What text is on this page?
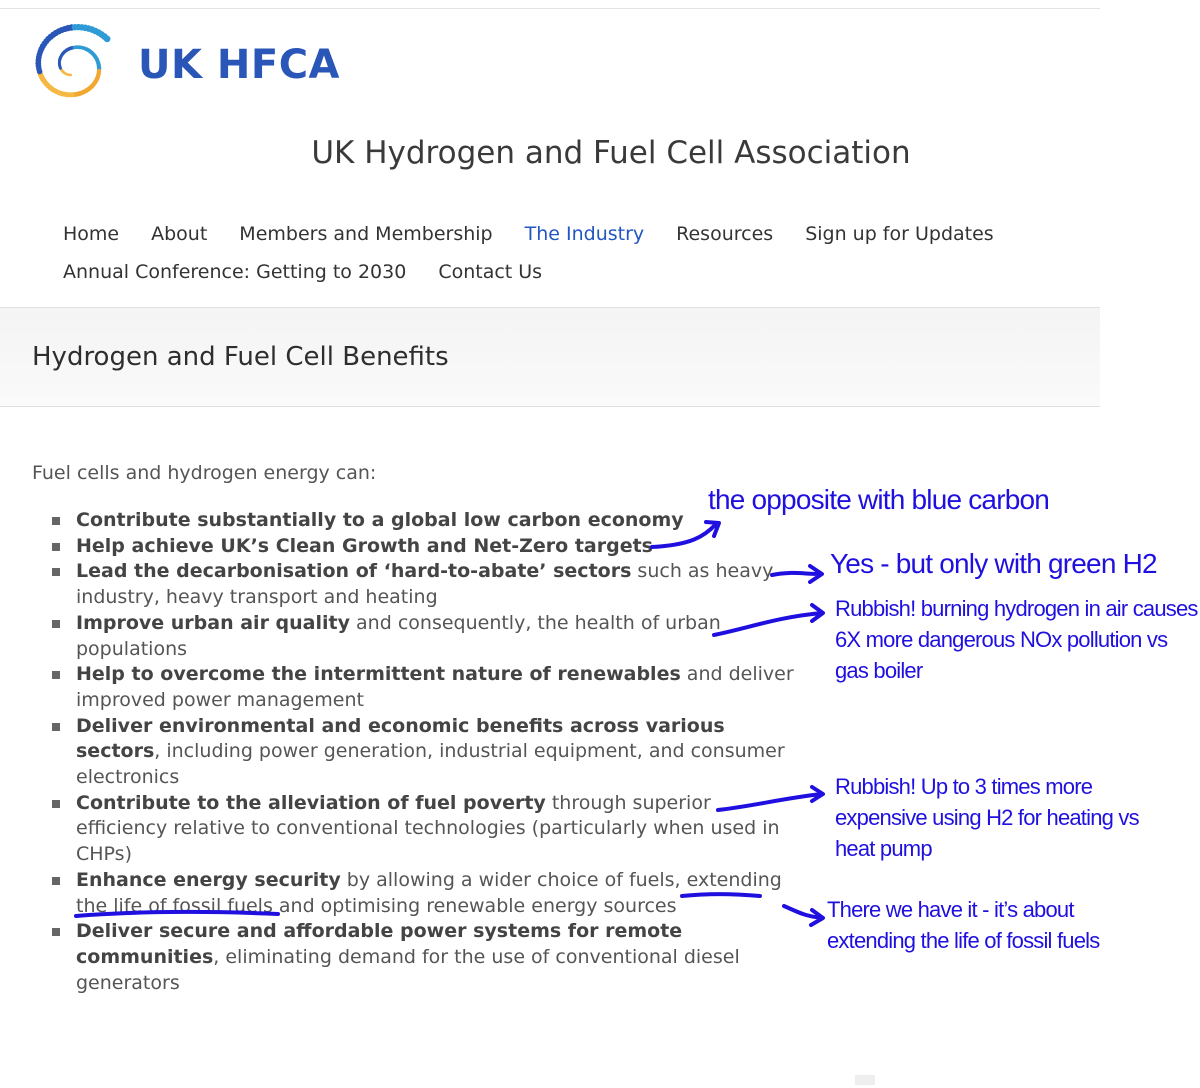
UK HFCA
UK Hydrogen and Fuel Cell Association
Home About Members and Membership The Industry Resources Sign up for Updates
Annual Conference: Getting to 2030 Contact Us
Hydrogen and Fuel Cell Benefits
Fuel cells and hydrogen energy can:
Contribute substantially to a global low carbon economy
Help achieve UK’s Clean Growth and Net-Zero targets
Lead the decarbonisation of ‘hard-to-abate’ sectors such as heavy industry, heavy transport and heating
Improve urban air quality and consequently, the health of urban populations
Help to overcome the intermittent nature of renewables and deliver improved power management
Deliver environmental and economic benefits across various sectors, including power generation, industrial equipment, and consumer electronics
Contribute to the alleviation of fuel poverty through superior efficiency relative to conventional technologies (particularly when used in CHPs)
Enhance energy security by allowing a wider choice of fuels, extending the life of fossil fuels and optimising renewable energy sources
Deliver secure and affordable power systems for remote communities, eliminating demand for the use of conventional diesel generators
the opposite with blue carbon
Yes - but only with green H2
Rubbish! burning hydrogen in air causes
6X more dangerous NOx pollution vs
gas boiler
Rubbish! Up to 3 times more
expensive using H2 for heating vs
heat pump
There we have it - it’s about
extending the life of fossil fuels
